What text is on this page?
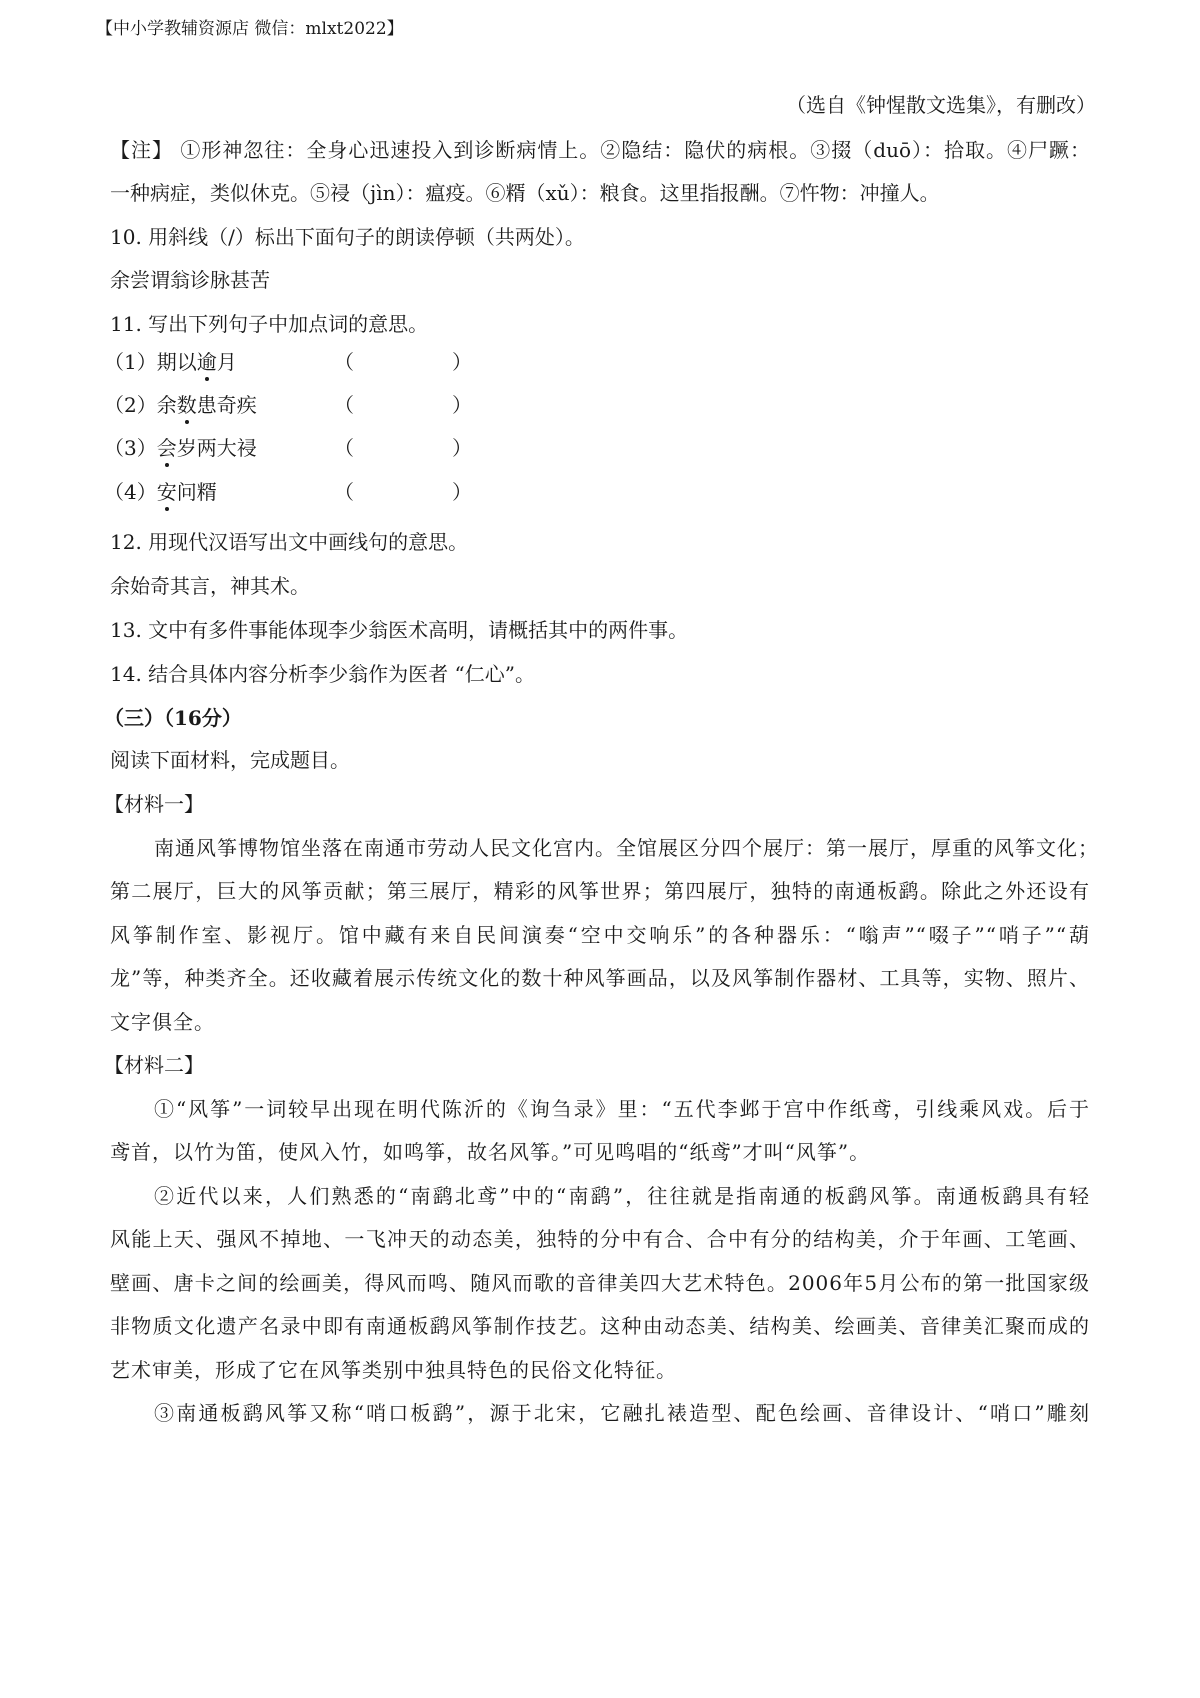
【中小学教辅资源店 微信：mlxt2022】
（选自《钟惺散文选集》，有删改）
【注】 ①形神忽往：全身心迅速投入到诊断病情上。②隐结：隐伏的病根。③掇（duō）：拾取。④尸蹶：
一种病症，类似休克。⑤祲（jìn）：瘟疫。⑥糈（xǔ）：粮食。这里指报酬。⑦忤物：冲撞人。
10. 用斜线（/）标出下面句子的朗读停顿（共两处）。
余尝谓翁诊脉甚苦
11. 写出下列句子中加点词的意思。
（1）期以逾月	（	）
（2）余数患奇疾	（	）
（3）会岁两大祲	（	）
（4）安问糈	（	）
12. 用现代汉语写出文中画线句的意思。
余始奇其言，神其术。
13. 文中有多件事能体现李少翁医术高明，请概括其中的两件事。
14. 结合具体内容分析李少翁作为医者 “仁心”。
（三）（16分）
阅读下面材料，完成题目。
【材料一】
南通风筝博物馆坐落在南通市劳动人民文化宫内。全馆展区分四个展厅：第一展厅，厚重的风筝文化；
第二展厅，巨大的风筝贡献；第三展厅，精彩的风筝世界；第四展厅，独特的南通板鹞。除此之外还设有
风筝制作室、影视厅。馆中藏有来自民间演奏“空中交响乐”的各种器乐：“嗡声”“啜子”“哨子”“葫
龙”等，种类齐全。还收藏着展示传统文化的数十种风筝画品，以及风筝制作器材、工具等，实物、照片、
文字俱全。
【材料二】
①“风筝”一词较早出现在明代陈沂的《询刍录》里：“五代李邺于宫中作纸鸢，引线乘风戏。后于
鸢首，以竹为笛，使风入竹，如鸣筝，故名风筝。”可见鸣唱的“纸鸢”才叫“风筝”。
②近代以来，人们熟悉的“南鹞北鸢”中的“南鹞”，往往就是指南通的板鹞风筝。南通板鹞具有轻
风能上天、强风不掉地、一飞冲天的动态美，独特的分中有合、合中有分的结构美，介于年画、工笔画、
壁画、唐卡之间的绘画美，得风而鸣、随风而歌的音律美四大艺术特色。2006年5月公布的第一批国家级
非物质文化遗产名录中即有南通板鹞风筝制作技艺。这种由动态美、结构美、绘画美、音律美汇聚而成的
艺术审美，形成了它在风筝类别中独具特色的民俗文化特征。
③南通板鹞风筝又称“哨口板鹞”，源于北宋，它融扎裱造型、配色绘画、音律设计、“哨口”雕刻
